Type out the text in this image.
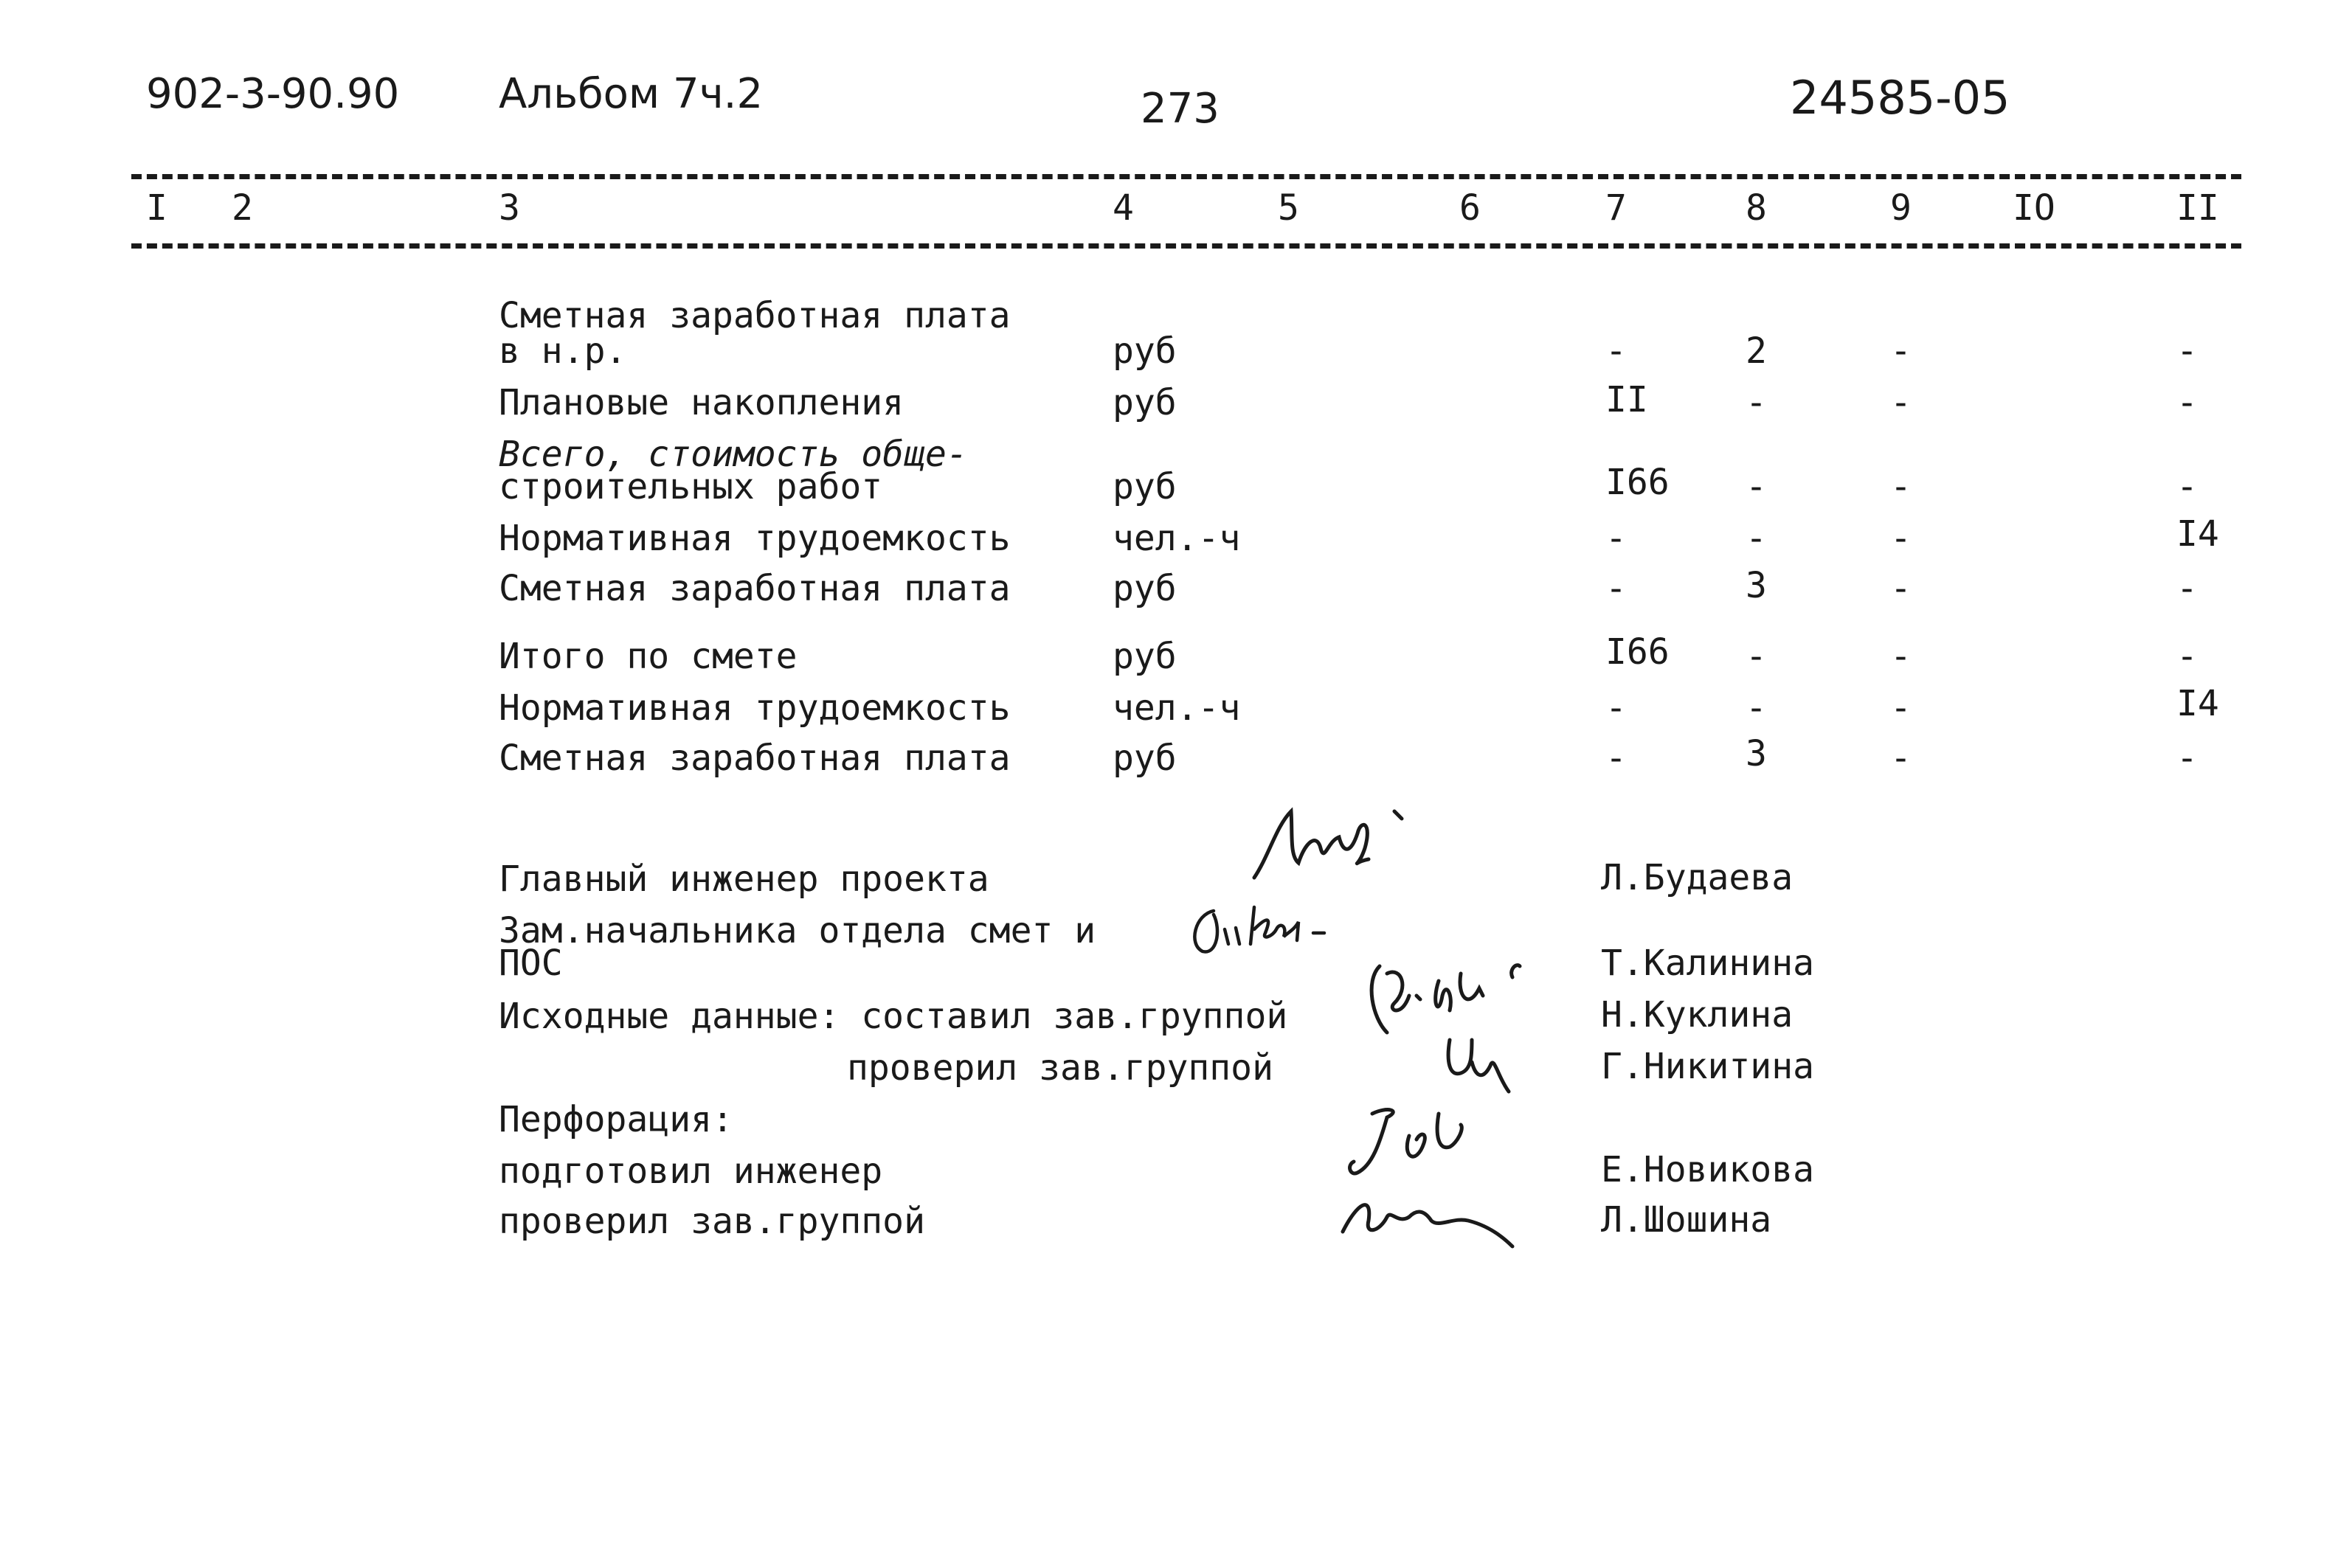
902-3-90.90 Альбом 7ч.2	273	24585-05
I 2	3	4	5	6	7	8	9	IO	II
Сметная заработная плата
в н.р.	руб	-	2	-	-
Плановые накопления	руб	II	-	-	-
Всего, стоимость обще-
строительных работ	руб	I66 -	-	-
Нормативная трудоемкость	чел.-ч	-	-	-	I4
Сметная заработная плата	руб	-	3	-	-
Итого по смете	руб	I66 -	-	-
Нормативная трудоемкость	чел.-ч	-	-	-	I4
Сметная заработная плата	руб	-	3	-	-
Главный инженер проекта	Л.Будаева
Зам.начальника отдела смет и
ПОС	Т.Калинина
Исходные данные: составил зав.группой	Н.Куклина
проверил зав.группой	Г.Никитина
Перфорация:
подготовил инженер	Е.Новикова
проверил зав.группой	Л.Шошина
